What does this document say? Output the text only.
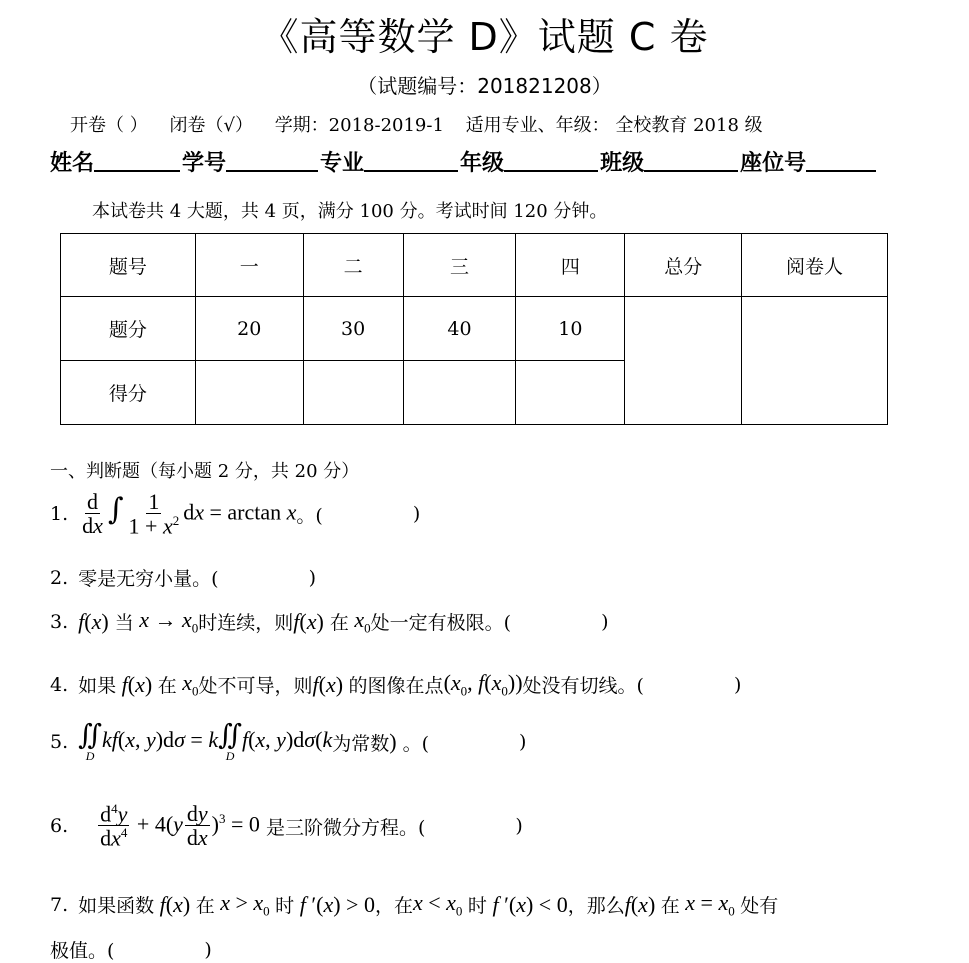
《高等数学 D》试题 C 卷
（试题编号：201821208）
开卷（ ） 闭卷（√） 学期：2018-2019-1 适用专业、年级： 全校教育 2018 级
姓名	学号	专业	年级	班级	座位号
本试卷共 4 大题，共 4 页，满分 100 分。考试时间 120 分钟。
题号	一	二	三	四	总分	阅卷人
题分	20	30	40	10		
得分						
一、判断题（每小题 2 分，共 20 分）
1. $\frac{d}{dx}$ ∫ $\frac{1}{1 + x^2}$ dx = arctan x 。(	)
2. 零是无穷小量。(	)
3. f(x)
当 $x \to x_0$ 时连续，则 f(x)
在 $x_0$ 处一定有极限。(	)
4. 如果 f(x) 在 $x_0$ 处不可导，则 f(x) 的图像在点 ($x_0$, $f(x_0)$) 处没有切线。(	)
5. ∬
D
kf(x, y)dσ = k ∬
D
f(x, y)dσ(k 为常数 )
。(	)
6. $\frac{d^4y}{dx^4} + 4(y \frac{dy}{dx} )^3 = 0$
是三阶微分方程。(	)
7. 如果函数 f(x) 在 $x > x_0$ 时 f ′(x) > 0 ，在 $x < x_0$ 时 f ′(x) < 0 ，那么 f(x) 在 $x = x_0$ 处有
极值。(	)
